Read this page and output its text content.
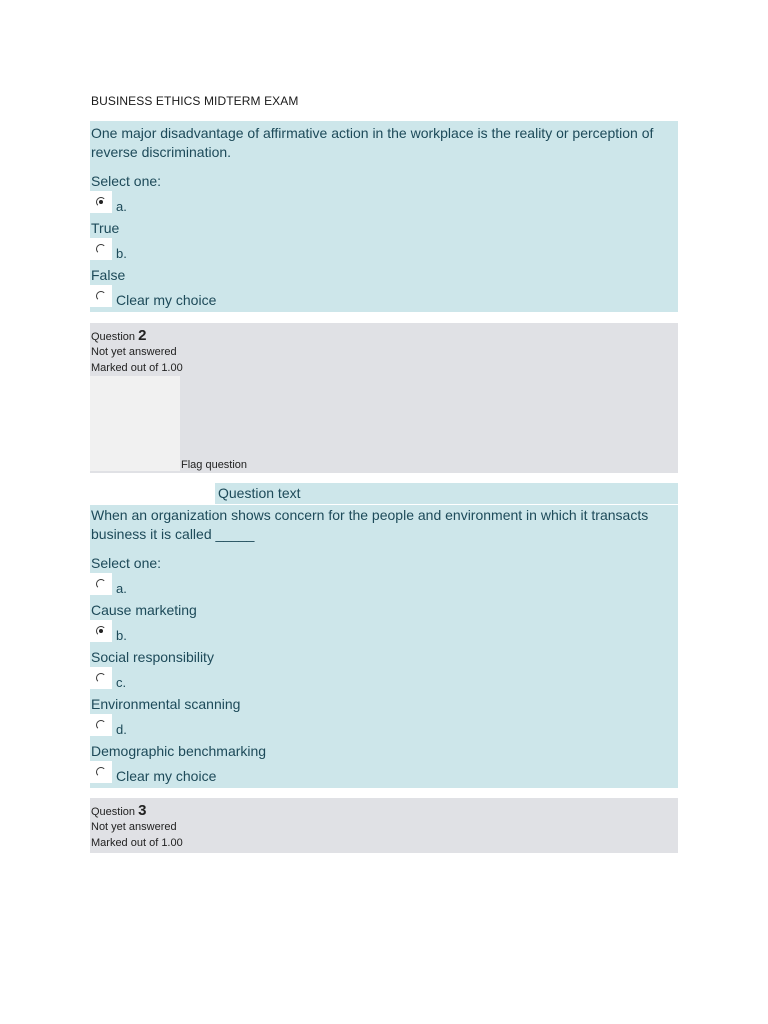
BUSINESS ETHICS MIDTERM EXAM
One major disadvantage of affirmative action in the workplace is the reality or perception of reverse discrimination.
Select one:
a.
True
b.
False
Clear my choice
Question 2
Not yet answered
Marked out of 1.00
Flag question
Question text
When an organization shows concern for the people and environment in which it transacts business it is called _____
Select one:
a.
Cause marketing
b.
Social responsibility
c.
Environmental scanning
d.
Demographic benchmarking
Clear my choice
Question 3
Not yet answered
Marked out of 1.00
